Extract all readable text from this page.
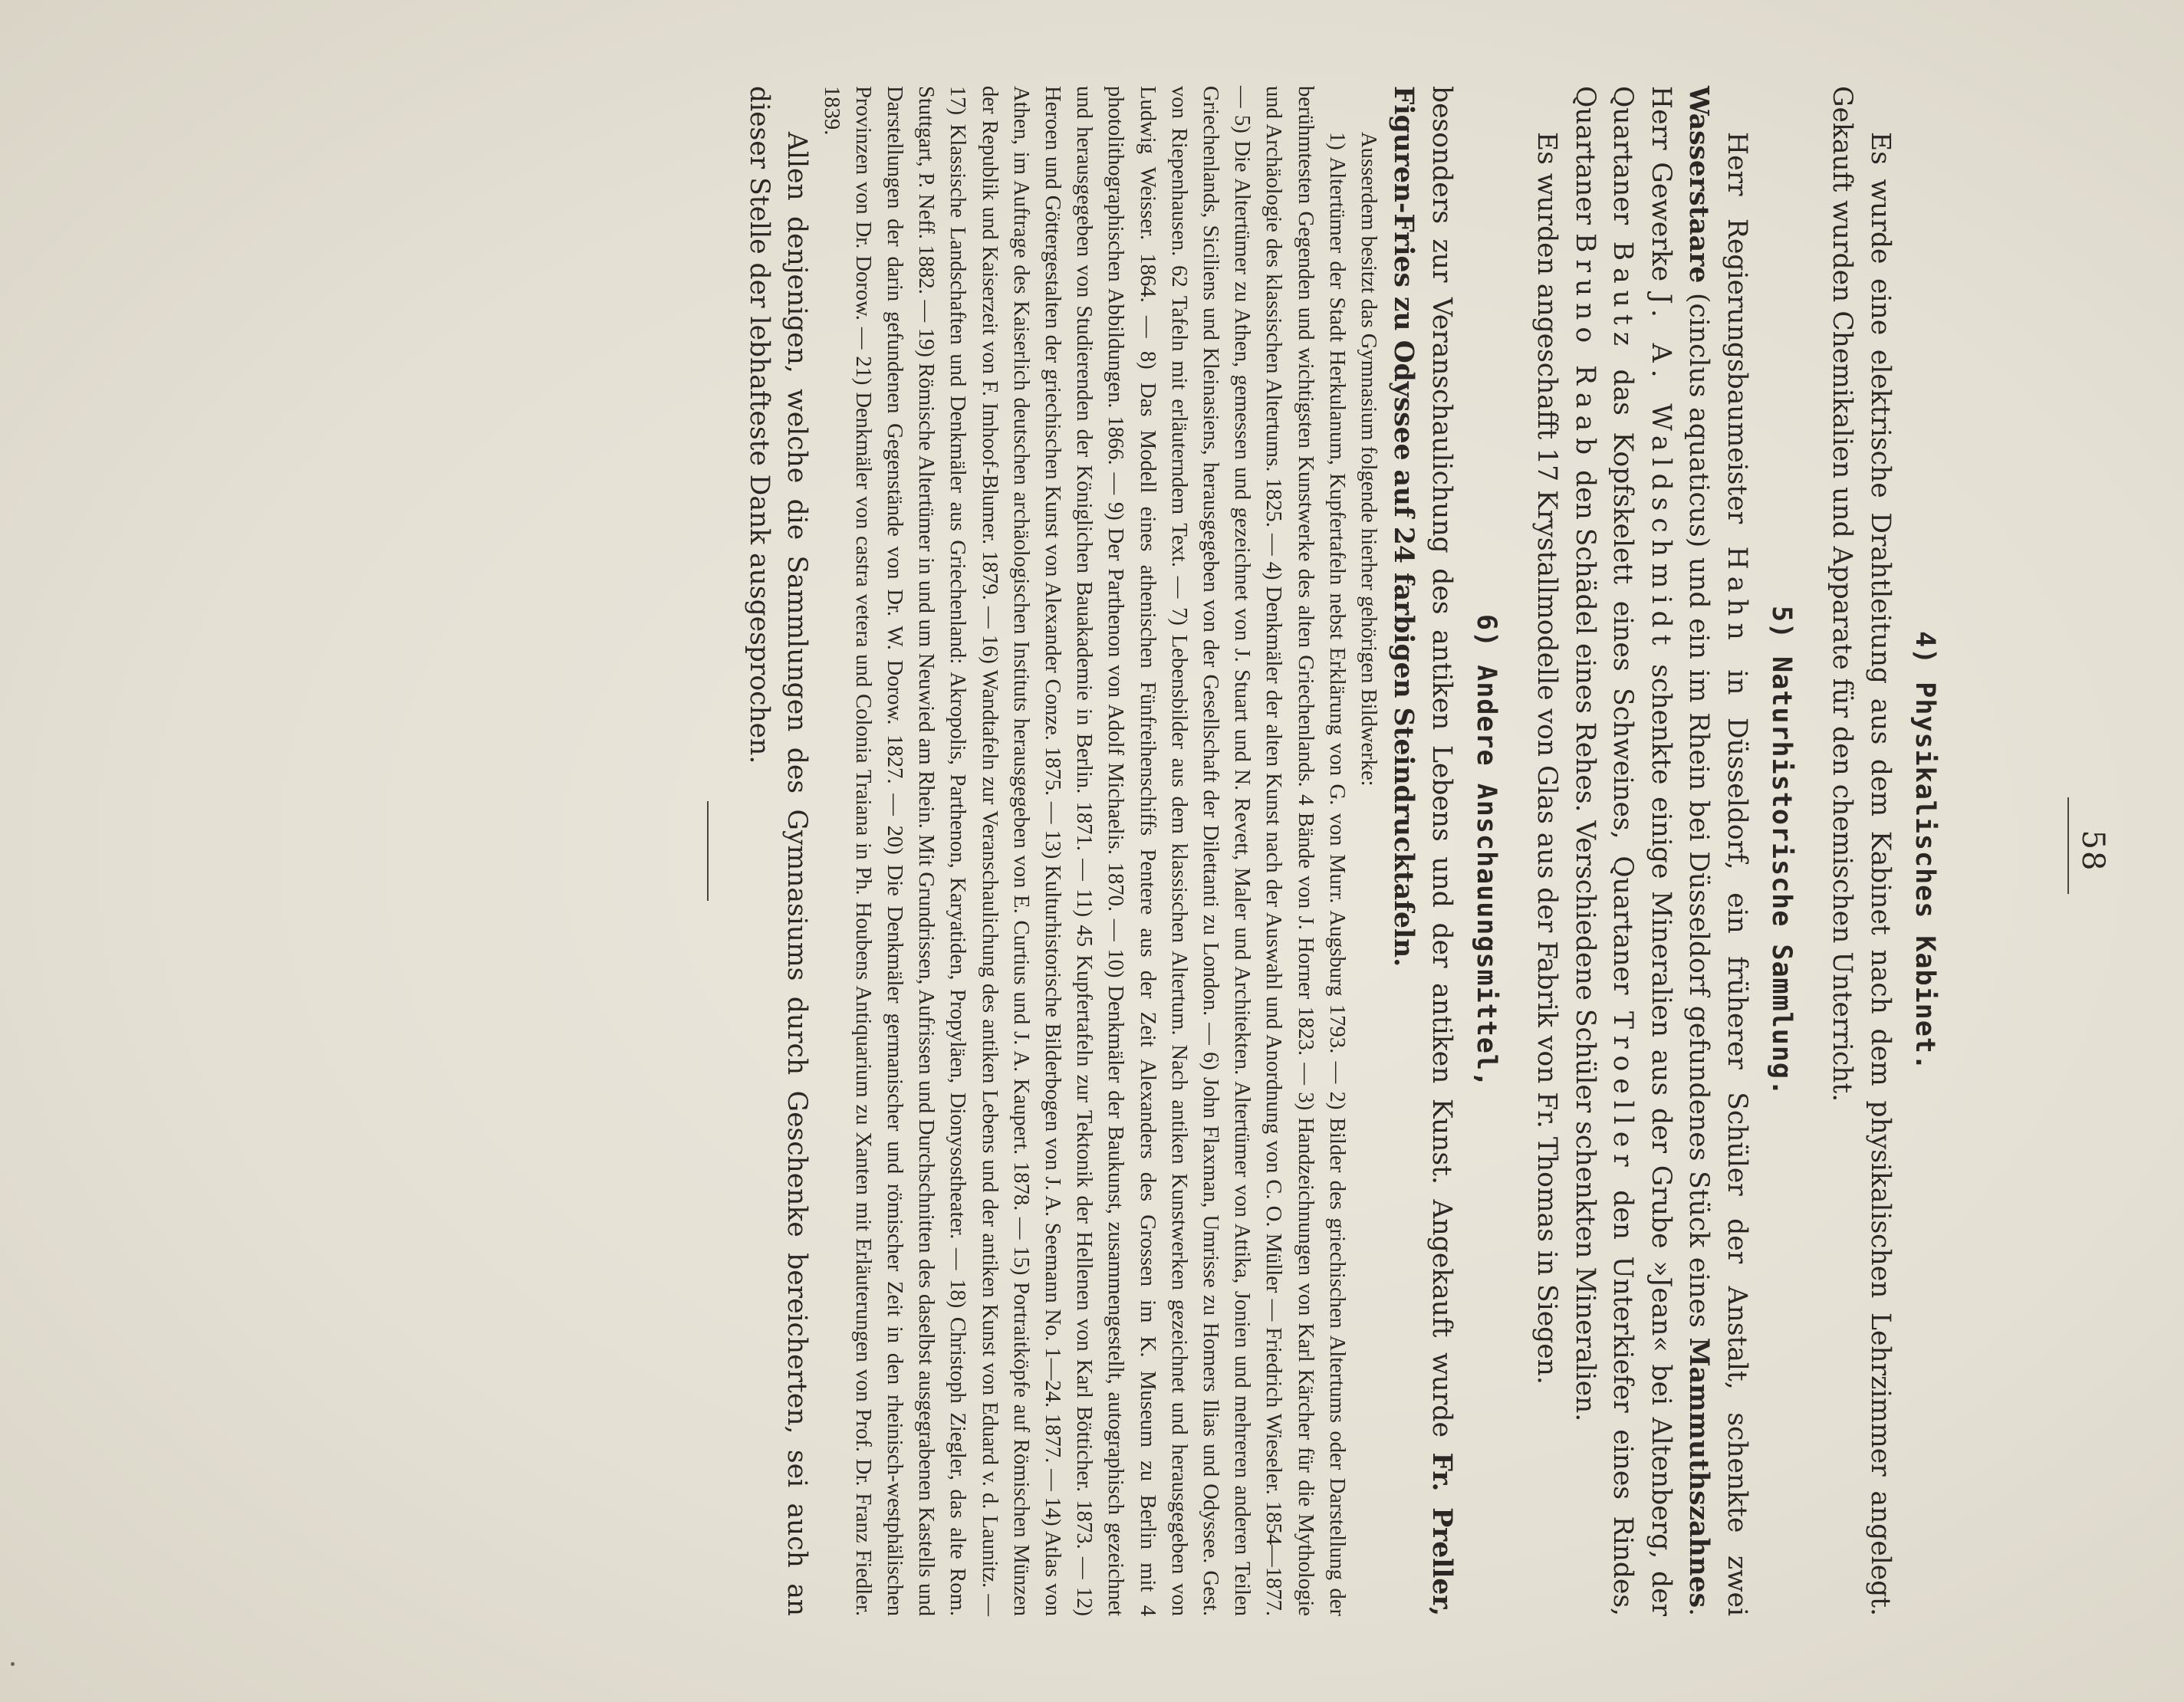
58
4) Physikalisches Kabinet.

Es wurde eine elektrische Drahtleitung aus dem Kabinet nach dem physikalischen Lehrzimmer angelegt. Gekauft wurden Chemikalien und Apparate für den chemischen Unterricht.

5) Naturhistorische Sammlung.

Herr Regierungsbaumeister Hahn in Düsseldorf, ein früherer Schüler der Anstalt, schenkte zwei Wasserstaare (cinclus aquaticus) und ein im Rhein bei Düsseldorf gefundenes Stück eines Mammuthszahnes. Herr Gewerke J. A. Waldschmidt schenkte einige Mineralien aus der Grube »Jean« bei Altenberg, der Quartaner Bautz das Kopfskelett eines Schweines, Quartaner Troeller den Unterkiefer eines Rindes, Quartaner Bruno Raab den Schädel eines Rehes. Verschiedene Schüler schenkten Mineralien.

Es wurden angeschafft 17 Krystallmodelle von Glas aus der Fabrik von Fr. Thomas in Siegen.

6) Andere Anschauungsmittel,

besonders zur Veranschaulichung des antiken Lebens und der antiken Kunst. Angekauft wurde Fr. Preller, Figuren-Fries zu Odyssee auf 24 farbigen Steindrucktafeln.

Ausserdem besitzt das Gymnasium folgende hierher gehörigen Bildwerke:

1) Altertümer der Stadt Herkulanum, Kupfertafeln nebst Erklärung von G. von Murr. Augsburg 1793. — 2) Bilder des griechischen Altertums oder Darstellung der berühmtesten Gegenden und wichtigsten Kunstwerke des alten Griechenlands. 4 Bände von J. Horner 1823. — 3) Handzeichnungen von Karl Kärcher für die Mythologie und Archäologie des klassischen Altertums. 1825. — 4) Denkmäler der alten Kunst nach der Auswahl und Anordnung von C. O. Müller — Friedrich Wieseler. 1854—1877. — 5) Die Altertümer zu Athen, gemessen und gezeichnet von J. Stuart und N. Revett, Maler und Architekten. Altertümer von Attika, Jonien und mehreren anderen Teilen Griechenlands, Siciliens und Kleinasiens, herausgegeben von der Gesellschaft der Dilettanti zu London. — 6) John Flaxman, Umrisse zu Homers Ilias und Odyssee. Gest. von Riepenhausen. 62 Tafeln mit erläuterndem Text. — 7) Lebensbilder aus dem klassischen Altertum. Nach antiken Kunstwerken gezeichnet und herausgegeben von Ludwig Weisser. 1864. — 8) Das Modell eines athenischen Fünfreihenschiffs Pentere aus der Zeit Alexanders des Grossen im K. Museum zu Berlin mit 4 photolithographischen Abbildungen. 1866. — 9) Der Parthenon von Adolf Michaelis. 1870. — 10) Denkmäler der Baukunst, zusammengestellt, autographisch gezeichnet und herausgegeben von Studierenden der Königlichen Bauakademie in Berlin. 1871. — 11) 45 Kupfertafeln zur Tektonik der Hellenen von Karl Bötticher. 1873. — 12) Heroen und Göttergestalten der griechischen Kunst von Alexander Conze. 1875. — 13) Kulturhistorische Bilderbogen von J. A. Seemann No. 1—24. 1877. — 14) Atlas von Athen, im Auftrage des Kaiserlich deutschen archäologischen Instituts herausgegeben von E. Curtius und J. A. Kaupert. 1878. — 15) Portraitköpfe auf Römischen Münzen der Republik und Kaiserzeit von F. Imhoof-Blumer. 1879. — 16) Wandtafeln zur Veranschaulichung des antiken Lebens und der antiken Kunst von Eduard v. d. Launitz. — 17) Klassische Landschaften und Denkmäler aus Griechenland: Akropolis, Parthenon, Karyatiden, Propyläen, Dionysostheater. — 18) Christoph Ziegler, das alte Rom. Stuttgart, P. Neff. 1882. — 19) Römische Altertümer in und um Neuwied am Rhein. Mit Grundrissen, Aufrissen und Durchschnitten des daselbst ausgegrabenen Kastells und Darstellungen der darin gefundenen Gegenstände von Dr. W. Dorow. 1827. — 20) Die Denkmäler germanischer und römischer Zeit in den rheinisch-westphälischen Provinzen von Dr. Dorow. — 21) Denkmäler von castra vetera und Colonia Traiana in Ph. Houbens Antiquarium zu Xanten mit Erläuterungen von Prof. Dr. Franz Fiedler. 1839.

Allen denjenigen, welche die Sammlungen des Gymnasiums durch Geschenke bereicherten, sei auch an dieser Stelle der lebhafteste Dank ausgesprochen.
